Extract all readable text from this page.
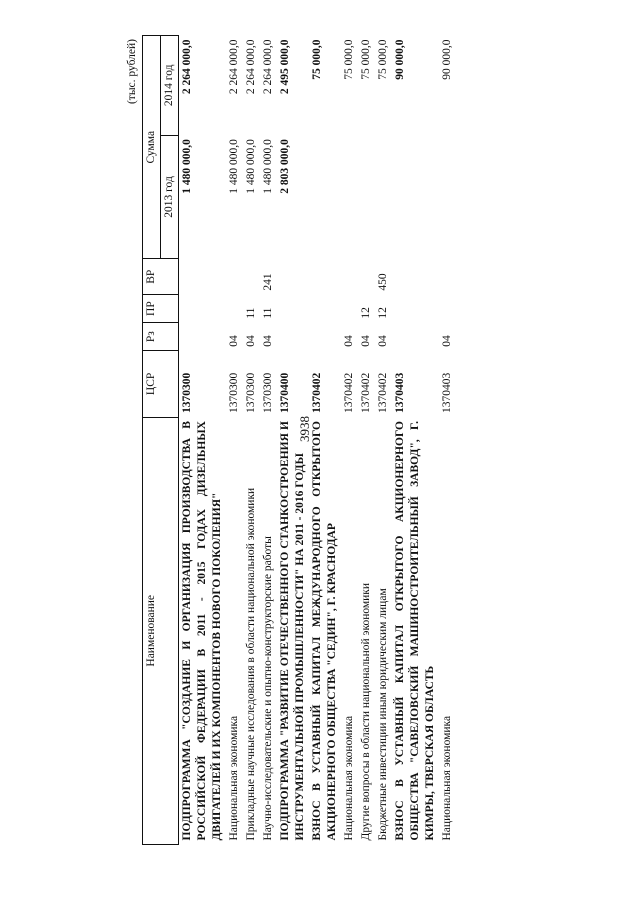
3938
(тыс. рублей)
Наименование	ЦСР	Рз	ПР	ВР	Сумма	
					2013 год	2014 год
ПОДПРОГРАММА "СОЗДАНИЕ И ОРГАНИЗАЦИЯ ПРОИЗВОДСТВА В РОССИЙСКОЙ ФЕДЕРАЦИИ В 2011 - 2015 ГОДАХ ДИЗЕЛЬНЫХ ДВИГАТЕЛЕЙ И ИХ КОМПОНЕНТОВ НОВОГО ПОКОЛЕНИЯ"	1370300				1 480 000,0	2 264 000,0
Национальная экономика	1370300	04			1 480 000,0	2 264 000,0
Прикладные научные исследования в области национальной экономики	1370300	04	11		1 480 000,0	2 264 000,0
Научно-исследовательские и опытно-конструкторские работы	1370300	04	11	241	1 480 000,0	2 264 000,0
ПОДПРОГРАММА "РАЗВИТИЕ ОТЕЧЕСТВЕННОГО СТАНКОСТРОЕНИЯ И ИНСТРУМЕНТАЛЬНОЙ ПРОМЫШЛЕННОСТИ" НА 2011 - 2016 ГОДЫ	1370400				2 803 000,0	2 495 000,0
ВЗНОС В УСТАВНЫЙ КАПИТАЛ МЕЖДУНАРОДНОГО ОТКРЫТОГО АКЦИОНЕРНОГО ОБЩЕСТВА "СЕДИН", Г. КРАСНОДАР	1370402					75 000,0
Национальная экономика	1370402	04				75 000,0
Другие вопросы в области национальной экономики	1370402	04	12			75 000,0
Бюджетные инвестиции иным юридическим лицам	1370402	04	12	450		75 000,0
ВЗНОС В УСТАВНЫЙ КАПИТАЛ ОТКРЫТОГО АКЦИОНЕРНОГО ОБЩЕСТВА "САВЕЛОВСКИЙ МАШИНОСТРОИТЕЛЬНЫЙ ЗАВОД", Г. КИМРЫ, ТВЕРСКАЯ ОБЛАСТЬ	1370403					90 000,0
Национальная экономика	1370403	04				90 000,0
